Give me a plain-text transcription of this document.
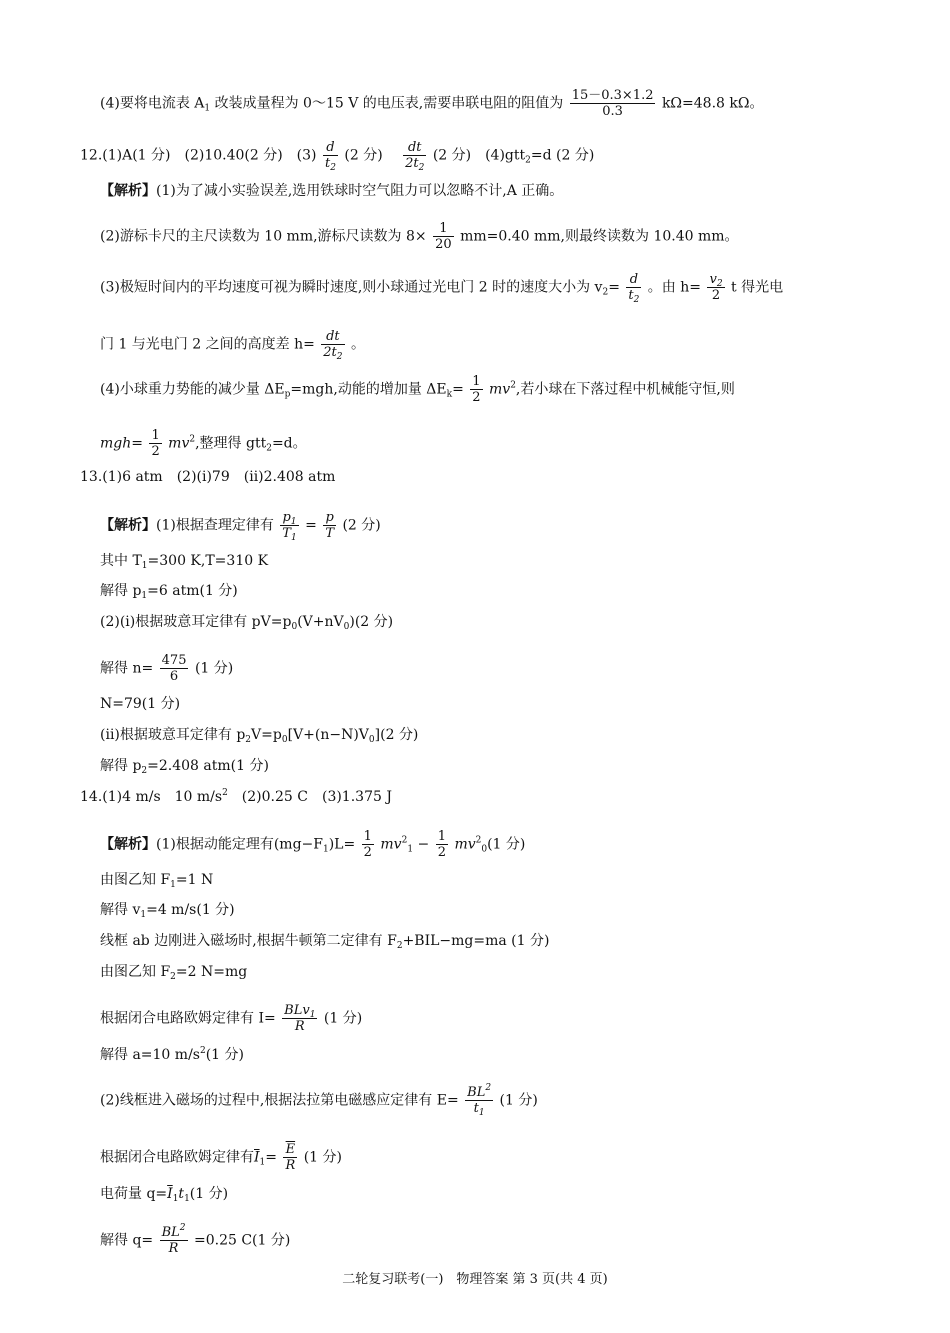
(4)要将电流表 $A_1$ 改装成量程为 0～15 V 的电压表,需要串联电阻的阻值为 $\frac{15-0.3\times 1.2}{0.3} k\Omega=48.8$ kΩ。
12.(1)A(1 分)　(2)10.40(2 分)　$(3) \frac{d}{t_2} (2$ 分)　 $\frac{dt}{2t_2} (2$ 分)　(4)gtt$_2$=d (2 分)
【解析】(1)为了减小实验误差,选用铁球时空气阻力可以忽略不计,A 正确。
(2)游标卡尺的主尺读数为 10 mm,游标尺读数为 $8\times \frac{1}{20} mm=0.40$ mm,则最终读数为 10.40 mm。
(3)极短时间内的平均速度可视为瞬时速度,则小球通过光电门 2 时的速度大小为 $v_2= \frac{d}{t_2}$ 。由 $h= \frac{v_2}{2}$ t 得光电
门 1 与光电门 2 之间的高度差 $h= \frac{dt}{2t_2}$ 。
(4)小球重力势能的减少量 $\Delta E_p=mgh$,动能的增加量 $\Delta E_k= \frac{1}{2} mv^2$,若小球在下落过程中机械能守恒,则
$mgh= \frac{1}{2} mv^2$,整理得 gtt$_2$=d。
13.(1)6 atm　(2)(ⅰ)79　(ⅱ)2.408 atm
【解析】(1)根据查理定律有 $\frac{p_1}{T_1} = \frac{p}{T} (2$ 分)
其中 $T_1=300$ K,T=310 K
解得 $p_1=6$ atm(1 分)
(2)(ⅰ)根据玻意耳定律有 $pV=p_0(V+nV_0)(2$ 分)
解得 $n= \frac{475}{6} (1$ 分)
N=79(1 分)
(ⅱ)根据玻意耳定律有 $p_2V=p_0[V+(n-N)V_0](2$ 分)
解得 $p_2=2.408$ atm(1 分)
14.(1)4 m/s　10 $m/s^2$　(2)0.25 C　(3)1.375 J
【解析】(1)根据动能定理有$(mg-F_1)L= \frac{1}{2} mv^2_1 - \frac{1}{2} mv^2_0(1$ 分)
由图乙知 $F_1=1$ N
解得 $v_1=4$ m/s(1 分)
线框 ab 边刚进入磁场时,根据牛顿第二定律有 $F_2+BIL-mg=ma$ (1 分)
由图乙知 $F_2=2$ N=mg
根据闭合电路欧姆定律有 $I= \frac{BLv_1}{R} (1$ 分)
解得 a=10 $m/s^2(1$ 分)
(2)线框进入磁场的过程中,根据法拉第电磁感应定律有 $E= \frac{BL^2}{t_1} (1$ 分)
根据闭合电路欧姆定律有$\overline{I}_1= \frac{\overline{E}}{R} (1$ 分)
电荷量 $q=\overline{I}_1t_1(1$ 分)
解得 $q= \frac{BL^2}{R} =0.25$ C(1 分)
二轮复习联考(一)　物理答案 第 3 页(共 4 页)
